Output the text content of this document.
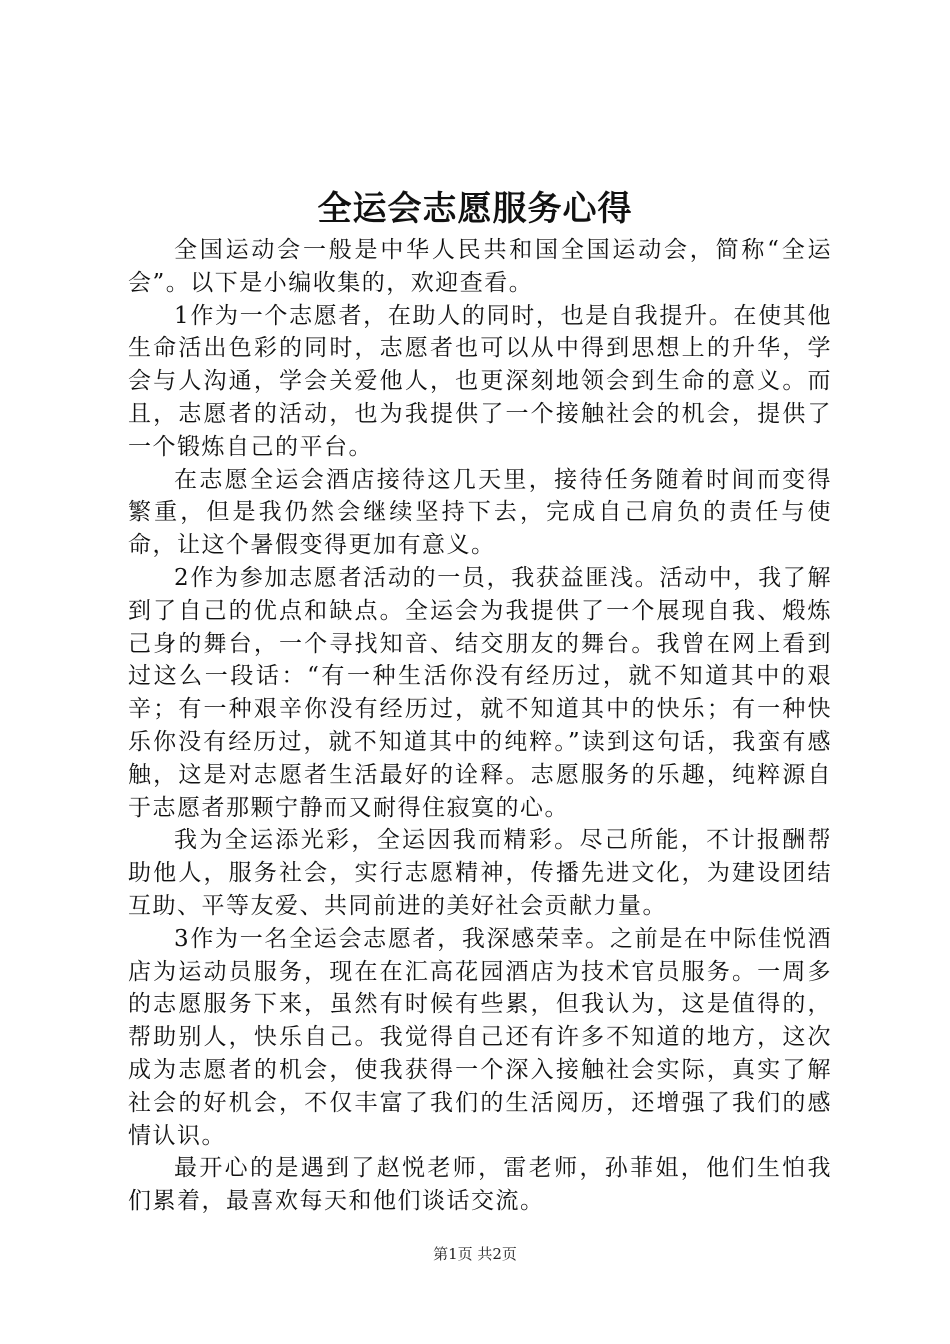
全运会志愿服务心得

全国运动会一般是中华人民共和国全国运动会，简称“全运会”。以下是小编收集的，欢迎查看。

1作为一个志愿者，在助人的同时，也是自我提升。在使其他生命活出色彩的同时，志愿者也可以从中得到思想上的升华，学会与人沟通，学会关爱他人，也更深刻地领会到生命的意义。而且，志愿者的活动，也为我提供了一个接触社会的机会，提供了一个锻炼自己的平台。

在志愿全运会酒店接待这几天里，接待任务随着时间而变得繁重，但是我仍然会继续坚持下去，完成自己肩负的责任与使命，让这个暑假变得更加有意义。

2作为参加志愿者活动的一员，我获益匪浅。活动中，我了解到了自己的优点和缺点。全运会为我提供了一个展现自我、煅炼己身的舞台，一个寻找知音、结交朋友的舞台。我曾在网上看到过这么一段话：“有一种生活你没有经历过，就不知道其中的艰辛；有一种艰辛你没有经历过，就不知道其中的快乐；有一种快乐你没有经历过，就不知道其中的纯粹。”读到这句话，我蛮有感触，这是对志愿者生活最好的诠释。志愿服务的乐趣，纯粹源自于志愿者那颗宁静而又耐得住寂寞的心。

我为全运添光彩，全运因我而精彩。尽己所能，不计报酬帮助他人，服务社会，实行志愿精神，传播先进文化，为建设团结互助、平等友爱、共同前进的美好社会贡献力量。

3作为一名全运会志愿者，我深感荣幸。之前是在中际佳悦酒店为运动员服务，现在在汇高花园酒店为技术官员服务。一周多的志愿服务下来，虽然有时候有些累，但我认为，这是值得的，帮助别人，快乐自己。我觉得自己还有许多不知道的地方，这次成为志愿者的机会，使我获得一个深入接触社会实际，真实了解社会的好机会，不仅丰富了我们的生活阅历，还增强了我们的感情认识。

最开心的是遇到了赵悦老师，雷老师，孙菲姐，他们生怕我们累着，最喜欢每天和他们谈话交流。

第1页 共2页
